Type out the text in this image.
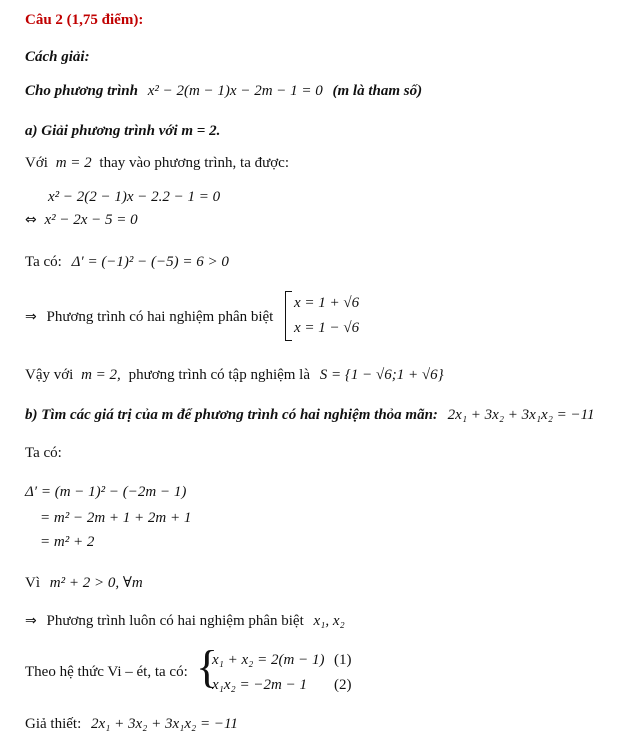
Câu 2 (1,75 điểm):
Cách giải:
Cho phương trình x² − 2(m − 1)x − 2m − 1 = 0 (m là tham số)
a) Giải phương trình với m = 2.
Với m = 2 thay vào phương trình, ta được:
x² − 2(2 − 1)x − 2.2 − 1 = 0
⇔ x² − 2x − 5 = 0
Ta có: Δ′ = (−1)² − (−5) = 6 > 0
⇒ Phương trình có hai nghiệm phân biệt
x = 1 + √6
x = 1 − √6
Vậy với m = 2, phương trình có tập nghiệm là S = {1 − √6;1 + √6}
b) Tìm các giá trị của m để phương trình có hai nghiệm thỏa mãn: 2x₁ + 3x₂ + 3x₁x₂ = −11
Ta có:
Δ′ = (m − 1)² − (−2m − 1)
= m² − 2m + 1 + 2m + 1
= m² + 2
Vì m² + 2 > 0, ∀m
⇒ Phương trình luôn có hai nghiệm phân biệt x₁, x₂
Theo hệ thức Vi – ét, ta có: {
x₁ + x₂ = 2(m − 1) (1)
x₁x₂ = −2m − 1 (2)
Giả thiết: 2x₁ + 3x₂ + 3x₁x₂ = −11
